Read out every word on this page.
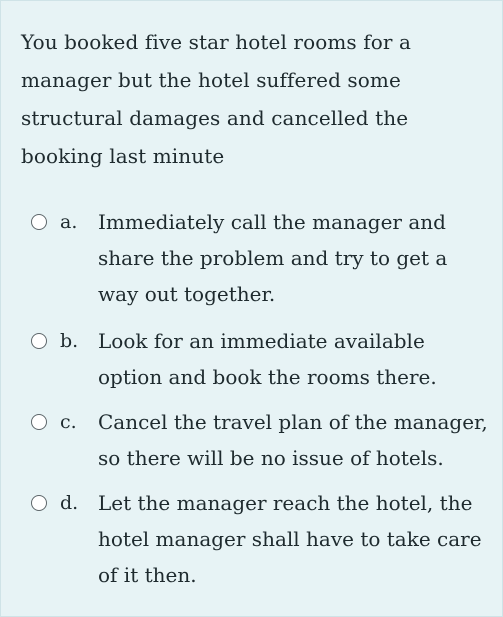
You booked five star hotel rooms for a manager but the hotel suffered some structural damages and cancelled the booking last minute
a. Immediately call the manager and share the problem and try to get a way out together.
b. Look for an immediate available option and book the rooms there.
c. Cancel the travel plan of the manager, so there will be no issue of hotels.
d. Let the manager reach the hotel, the hotel manager shall have to take care of it then.
